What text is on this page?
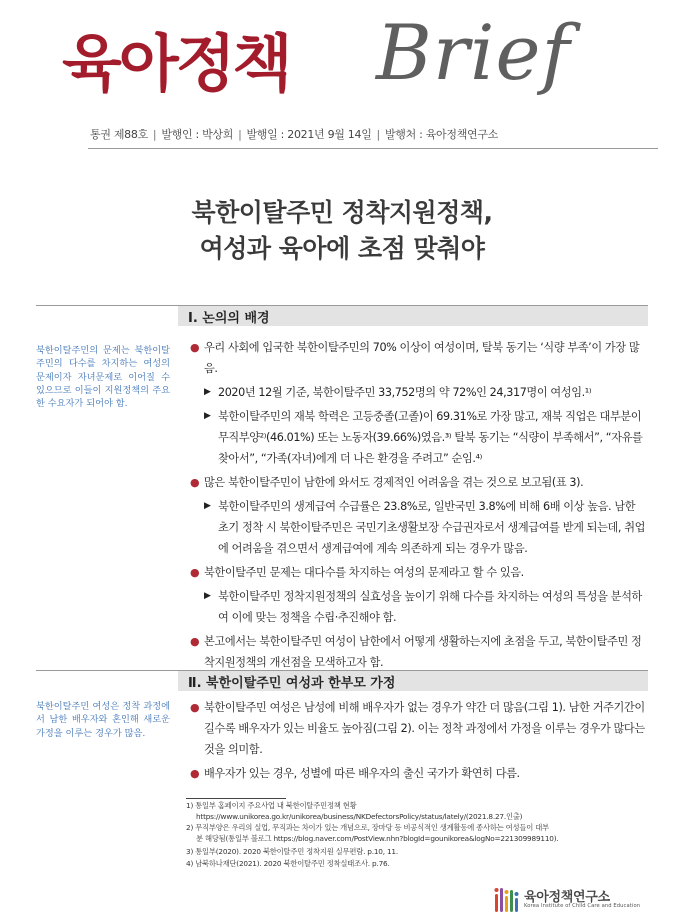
육아정책 Brief
통권 제88호 | 발행인 : 박상희 | 발행일 : 2021년 9월 14일 | 발행처 : 육아정책연구소
북한이탈주민 정착지원정책,
여성과 육아에 초점 맞춰야
Ⅰ. 논의의 배경
북한이탈주민의 문제는 북한이탈주민의 다수를 차지하는 여성의 문제이자 자녀문제로 이어질 수 있으므로 이들이 지원정책의 주요한 수요자가 되어야 함.

● 우리 사회에 입국한 북한이탈주민의 70% 이상이 여성이며, 탈북 동기는 ‘식량 부족’이 가장 많음.

▶ 2020년 12월 기준, 북한이탈주민 33,752명의 약 72%인 24,317명이 여성임.¹⁾

▶ 북한이탈주민의 재북 학력은 고등중졸(고졸)이 69.31%로 가장 많고, 재북 직업은 대부분이 무직부양²⁾(46.01%) 또는 노동자(39.66%)였음.³⁾ 탈북 동기는 “식량이 부족해서”, “자유를 찾아서”, “가족(자녀)에게 더 나은 환경을 주려고” 순임.⁴⁾

● 많은 북한이탈주민이 남한에 와서도 경제적인 어려움을 겪는 것으로 보고됨(표 3).

▶ 북한이탈주민의 생계급여 수급률은 23.8%로, 일반국민 3.8%에 비해 6배 이상 높음. 남한 초기 정착 시 북한이탈주민은 국민기초생활보장 수급권자로서 생계급여를 받게 되는데, 취업에 어려움을 겪으면서 생계급여에 계속 의존하게 되는 경우가 많음.

● 북한이탈주민 문제는 대다수를 차지하는 여성의 문제라고 할 수 있음.

▶ 북한이탈주민 정착지원정책의 실효성을 높이기 위해 다수를 차지하는 여성의 특성을 분석하여 이에 맞는 정책을 수립·추진해야 함.

● 본고에서는 북한이탈주민 여성이 남한에서 어떻게 생활하는지에 초점을 두고, 북한이탈주민 정착지원정책의 개선점을 모색하고자 함.

Ⅱ. 북한이탈주민 여성과 한부모 가정
북한이탈주민 여성은 정착 과정에서 남한 배우자와 혼인해 새로운 가정을 이루는 경우가 많음.

● 북한이탈주민 여성은 남성에 비해 배우자가 없는 경우가 약간 더 많음(그림 1). 남한 거주기간이 길수록 배우자가 있는 비율도 높아짐(그림 2). 이는 정착 과정에서 가정을 이루는 경우가 많다는 것을 의미함.

● 배우자가 있는 경우, 성별에 따른 배우자의 출신 국가가 확연히 다름.

1) 통일부 홈페이지 주요사업 내 북한이탈주민정책 현황
https://www.unikorea.go.kr/unikorea/business/NKDefectorsPolicy/status/lately/(2021.8.27.인출)
2) 무직부양은 우리의 실업, 무직과는 차이가 있는 개념으로, 장마당 등 비공식적인 생계활동에 종사하는 여성들이 대부
분 해당됨(통일부 블로그 https://blog.naver.com/PostView.nhn?blogId=gounikorea&logNo=221309989110).
3) 통일부(2020). 2020 북한이탈주민 정착지원 실무편람. p.10, 11.
4) 남북하나재단(2021). 2020 북한이탈주민 정착실태조사. p.76.
육아정책연구소
Korea Institute of Child Care and Education
